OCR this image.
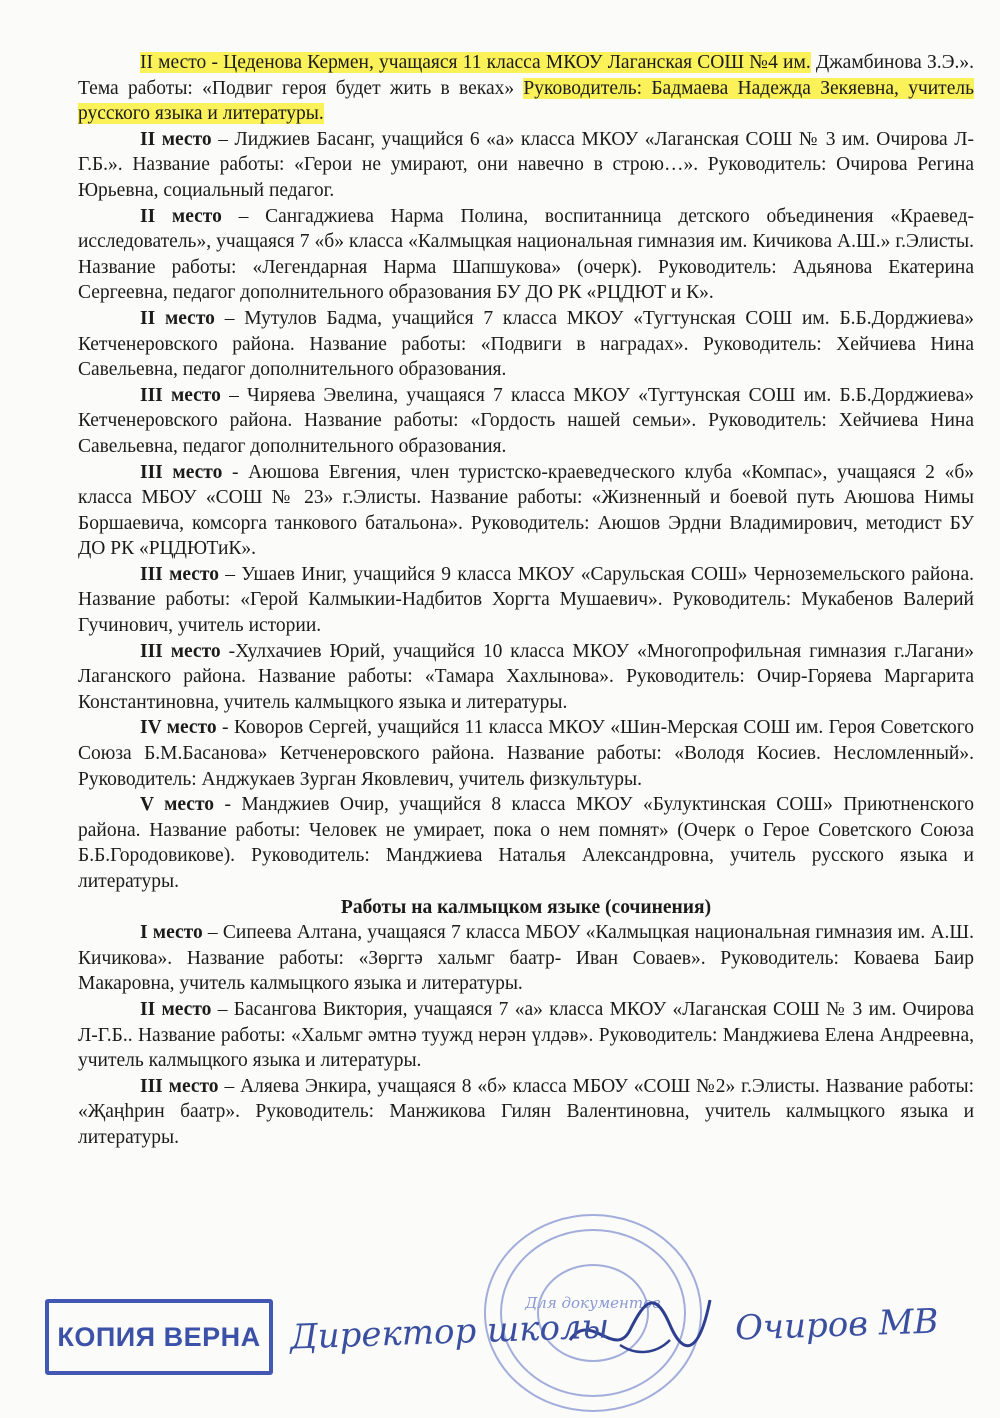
II место - Цеденова Кермен, учащаяся 11 класса МКОУ Лаганская СОШ №4 им. Джамбинова З.Э.». Тема работы: «Подвиг героя будет жить в веках» Руководитель: Бадмаева Надежда Зекяевна, учитель русского языка и литературы.

II место – Лиджиев Басанг, учащийся 6 «а» класса МКОУ «Лаганская СОШ № 3 им. Очирова Л-Г.Б.». Название работы: «Герои не умирают, они навечно в строю…». Руководитель: Очирова Регина Юрьевна, социальный педагог.

II место – Сангаджиева Нарма Полина, воспитанница детского объединения «Краевед-исследователь», учащаяся 7 «б» класса «Калмыцкая национальная гимназия им. Кичикова А.Ш.» г.Элисты. Название работы: «Легендарная Нарма Шапшукова» (очерк). Руководитель: Адьянова Екатерина Сергеевна, педагог дополнительного образования БУ ДО РК «РЦДЮТ и К».

II место – Мутулов Бадма, учащийся 7 класса МКОУ «Тугтунская СОШ им. Б.Б.Дорджиева» Кетченеровского района. Название работы: «Подвиги в наградах». Руководитель: Хейчиева Нина Савельевна, педагог дополнительного образования.

III место – Чиряева Эвелина, учащаяся 7 класса МКОУ «Тугтунская СОШ им. Б.Б.Дорджиева» Кетченеровского района. Название работы: «Гордость нашей семьи». Руководитель: Хейчиева Нина Савельевна, педагог дополнительного образования.

III место - Аюшова Евгения, член туристско-краеведческого клуба «Компас», учащаяся 2 «б» класса МБОУ «СОШ № 23» г.Элисты. Название работы: «Жизненный и боевой путь Аюшова Нимы Боршаевича, комсорга танкового батальона». Руководитель: Аюшов Эрдни Владимирович, методист БУ ДО РК «РЦДЮТиК».

III место – Ушаев Иниг, учащийся 9 класса МКОУ «Сарульская СОШ» Черноземельского района. Название работы: «Герой Калмыкии-Надбитов Хоргта Мушаевич». Руководитель: Мукабенов Валерий Гучинович, учитель истории.

III место -Хулхачиев Юрий, учащийся 10 класса МКОУ «Многопрофильная гимназия г.Лагани» Лаганского района. Название работы: «Тамара Хахлынова». Руководитель: Очир-Горяева Маргарита Константиновна, учитель калмыцкого языка и литературы.

IV место - Коворов Сергей, учащийся 11 класса МКОУ «Шин-Мерская СОШ им. Героя Советского Союза Б.М.Басанова» Кетченеровского района. Название работы: «Володя Косиев. Несломленный». Руководитель: Анджукаев Зурган Яковлевич, учитель физкультуры.

V место - Манджиев Очир, учащийся 8 класса МКОУ «Булуктинская СОШ» Приютненского района. Название работы: Человек не умирает, пока о нем помнят» (Очерк о Герое Советского Союза Б.Б.Городовикове). Руководитель: Манджиева Наталья Александровна, учитель русского языка и литературы.

Работы на калмыцком языке (сочинения)

I место – Сипеева Алтана, учащаяся 7 класса МБОУ «Калмыцкая национальная гимназия им. А.Ш. Кичикова». Название работы: «Зөргтә хальмг баатр- Иван Соваев». Руководитель: Коваева Баир Макаровна, учитель калмыцкого языка и литературы.

II место – Басангова Виктория, учащаяся 7 «а» класса МКОУ «Лаганская СОШ № 3 им. Очирова Л-Г.Б.. Название работы: «Хальмг әмтнә туужд нерән үлдәв». Руководитель: Манджиева Елена Андреевна, учитель калмыцкого языка и литературы.

III место – Аляева Энкира, учащаяся 8 «б» класса МБОУ «СОШ №2» г.Элисты. Название работы: «Җаңһрин баатр». Руководитель: Манжикова Гилян Валентиновна, учитель калмыцкого языка и литературы.

КОПИЯ ВЕРНА
Для документов
Директор школы	Очиров МВ
